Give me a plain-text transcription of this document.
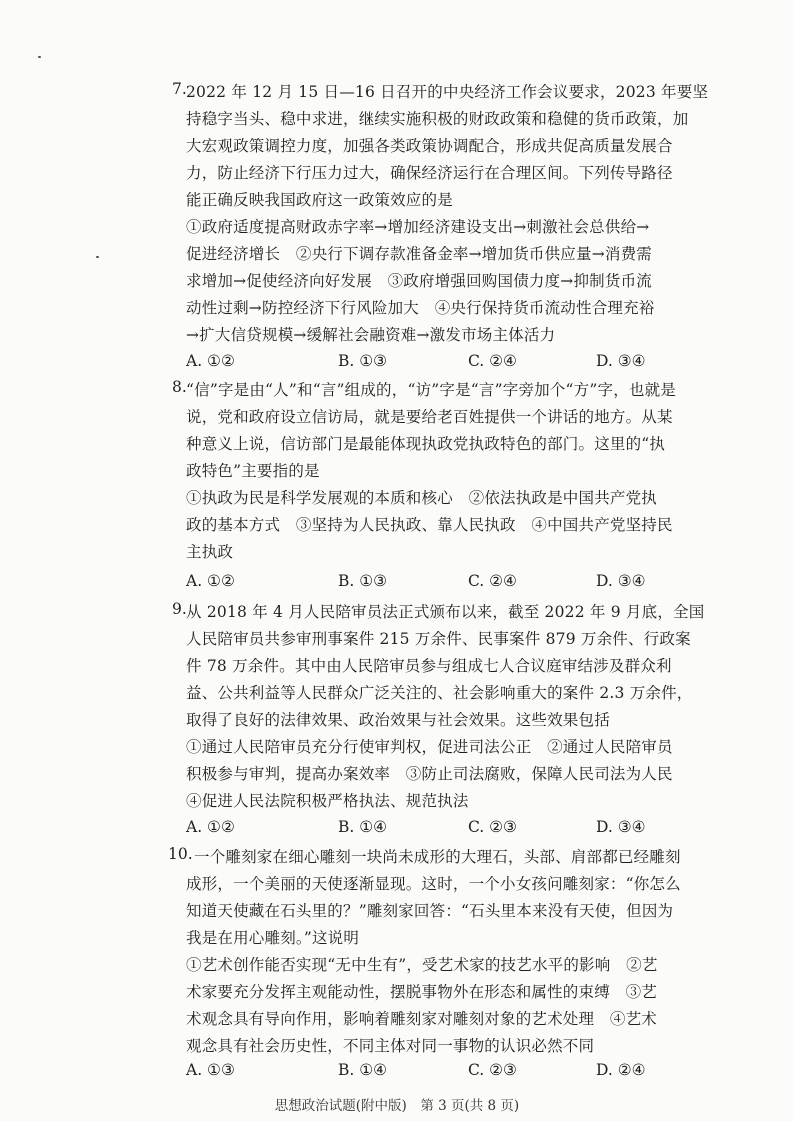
7. 2022 年 12 月 15 日—16 日召开的中央经济工作会议要求，2023 年要坚
持稳字当头、稳中求进，继续实施积极的财政政策和稳健的货币政策，加
大宏观政策调控力度，加强各类政策协调配合，形成共促高质量发展合
力，防止经济下行压力过大，确保经济运行在合理区间。下列传导路径
能正确反映我国政府这一政策效应的是
①政府适度提高财政赤字率→增加经济建设支出→刺激社会总供给→
促进经济增长　②央行下调存款准备金率→增加货币供应量→消费需
求增加→促使经济向好发展　③政府增强回购国债力度→抑制货币流
动性过剩→防控经济下行风险加大　④央行保持货币流动性合理充裕
→扩大信贷规模→缓解社会融资难→激发市场主体活力
A. ①②	B. ①③	C. ②④	D. ③④
8. “信”字是由“人”和“言”组成的，“访”字是“言”字旁加个“方”字，也就是
说，党和政府设立信访局，就是要给老百姓提供一个讲话的地方。从某
种意义上说，信访部门是最能体现执政党执政特色的部门。这里的“执
政特色”主要指的是
①执政为民是科学发展观的本质和核心　②依法执政是中国共产党执
政的基本方式　③坚持为人民执政、靠人民执政　④中国共产党坚持民
主执政
A. ①②	B. ①③	C. ②④	D. ③④
9. 从 2018 年 4 月人民陪审员法正式颁布以来，截至 2022 年 9 月底，全国
人民陪审员共参审刑事案件 215 万余件、民事案件 879 万余件、行政案
件 78 万余件。其中由人民陪审员参与组成七人合议庭审结涉及群众利
益、公共利益等人民群众广泛关注的、社会影响重大的案件 2.3 万余件，
取得了良好的法律效果、政治效果与社会效果。这些效果包括
①通过人民陪审员充分行使审判权，促进司法公正　②通过人民陪审员
积极参与审判，提高办案效率　③防止司法腐败，保障人民司法为人民
④促进人民法院积极严格执法、规范执法
A. ①②	B. ①④	C. ②③	D. ③④
10. 一个雕刻家在细心雕刻一块尚未成形的大理石，头部、肩部都已经雕刻
成形，一个美丽的天使逐渐显现。这时，一个小女孩问雕刻家：“你怎么
知道天使藏在石头里的？”雕刻家回答：“石头里本来没有天使，但因为
我是在用心雕刻。”这说明
①艺术创作能否实现“无中生有”，受艺术家的技艺水平的影响　②艺
术家要充分发挥主观能动性，摆脱事物外在形态和属性的束缚　③艺
术观念具有导向作用，影响着雕刻家对雕刻对象的艺术处理　④艺术
观念具有社会历史性，不同主体对同一事物的认识必然不同
A. ①③	B. ①④	C. ②③	D. ②④
思想政治试题(附中版)　第 3 页(共 8 页)
